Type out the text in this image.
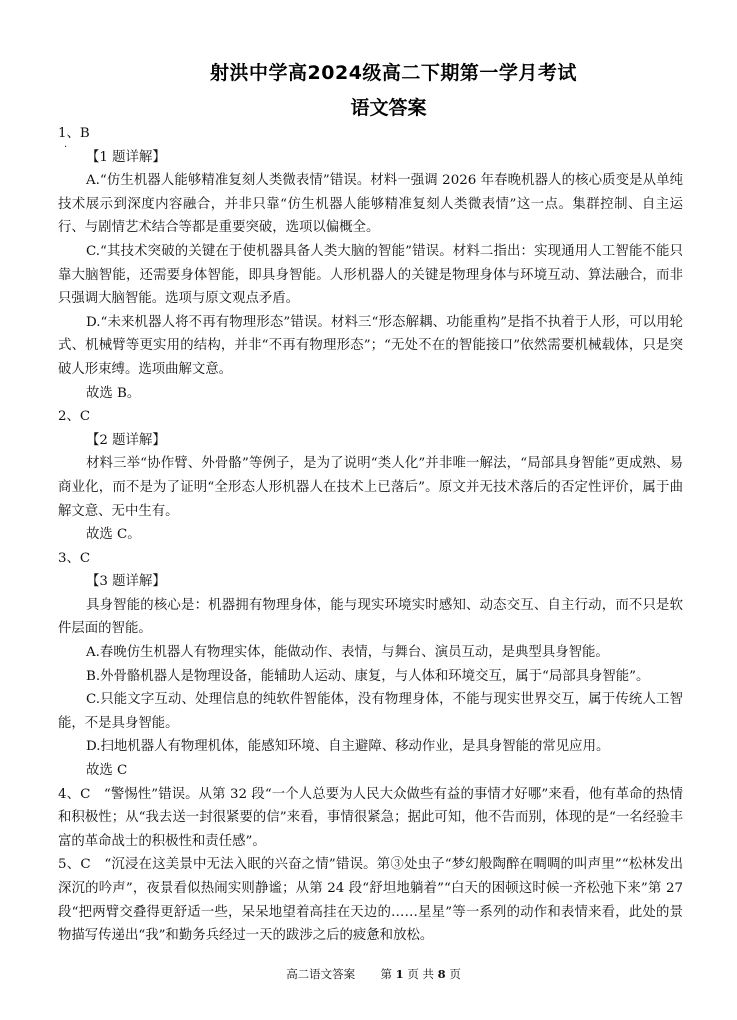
射洪中学高2024级高二下期第一学月考试
语文答案

1、B

·

【1 题详解】

A.“仿生机器人能够精准复刻人类微表情”错误。材料一强调 2026 年春晚机器人的核心质变是从单纯技术展示到深度内容融合，并非只靠“仿生机器人能够精准复刻人类微表情”这一点。集群控制、自主运行、与剧情艺术结合等都是重要突破，选项以偏概全。

C.“其技术突破的关键在于使机器具备人类大脑的智能”错误。材料二指出：实现通用人工智能不能只靠大脑智能，还需要身体智能，即具身智能。人形机器人的关键是物理身体与环境互动、算法融合，而非只强调大脑智能。选项与原文观点矛盾。

D.“未来机器人将不再有物理形态”错误。材料三“形态解耦、功能重构”是指不执着于人形，可以用轮式、机械臂等更实用的结构，并非“不再有物理形态”；“无处不在的智能接口”依然需要机械载体，只是突破人形束缚。选项曲解文意。

故选 B。

2、C

【2 题详解】

材料三举“协作臂、外骨骼”等例子，是为了说明“类人化”并非唯一解法，“局部具身智能”更成熟、易商业化，而不是为了证明“全形态人形机器人在技术上已落后”。原文并无技术落后的否定性评价，属于曲解文意、无中生有。

故选 C。

3、C

【3 题详解】

具身智能的核心是：机器拥有物理身体，能与现实环境实时感知、动态交互、自主行动，而不只是软件层面的智能。

A.春晚仿生机器人有物理实体，能做动作、表情，与舞台、演员互动，是典型具身智能。

B.外骨骼机器人是物理设备，能辅助人运动、康复，与人体和环境交互，属于“局部具身智能”。

C.只能文字互动、处理信息的纯软件智能体，没有物理身体，不能与现实世界交互，属于传统人工智能，不是具身智能。

D.扫地机器人有物理机体，能感知环境、自主避障、移动作业，是具身智能的常见应用。

故选 C

4、C　“警惕性”错误。从第 32 段“一个人总要为人民大众做些有益的事情才好哪”来看，他有革命的热情和积极性；从“我去送一封很紧要的信”来看，事情很紧急；据此可知，他不告而别，体现的是“一名经验丰富的革命战士的积极性和责任感”。

5、C　“沉浸在这美景中无法入眠的兴奋之情”错误。第③处虫子“梦幻般陶醉在啁啁的叫声里”“松林发出深沉的吟声”，夜景看似热闹实则静谧；从第 24 段“舒坦地躺着”“白天的困顿这时候一齐松弛下来”第 27 段“把两臂交叠得更舒适一些，呆呆地望着高挂在天边的……星星”等一系列的动作和表情来看，此处的景物描写传递出“我”和勤务兵经过一天的跋涉之后的疲惫和放松。

高二语文答案 第 1 页 共 8 页
